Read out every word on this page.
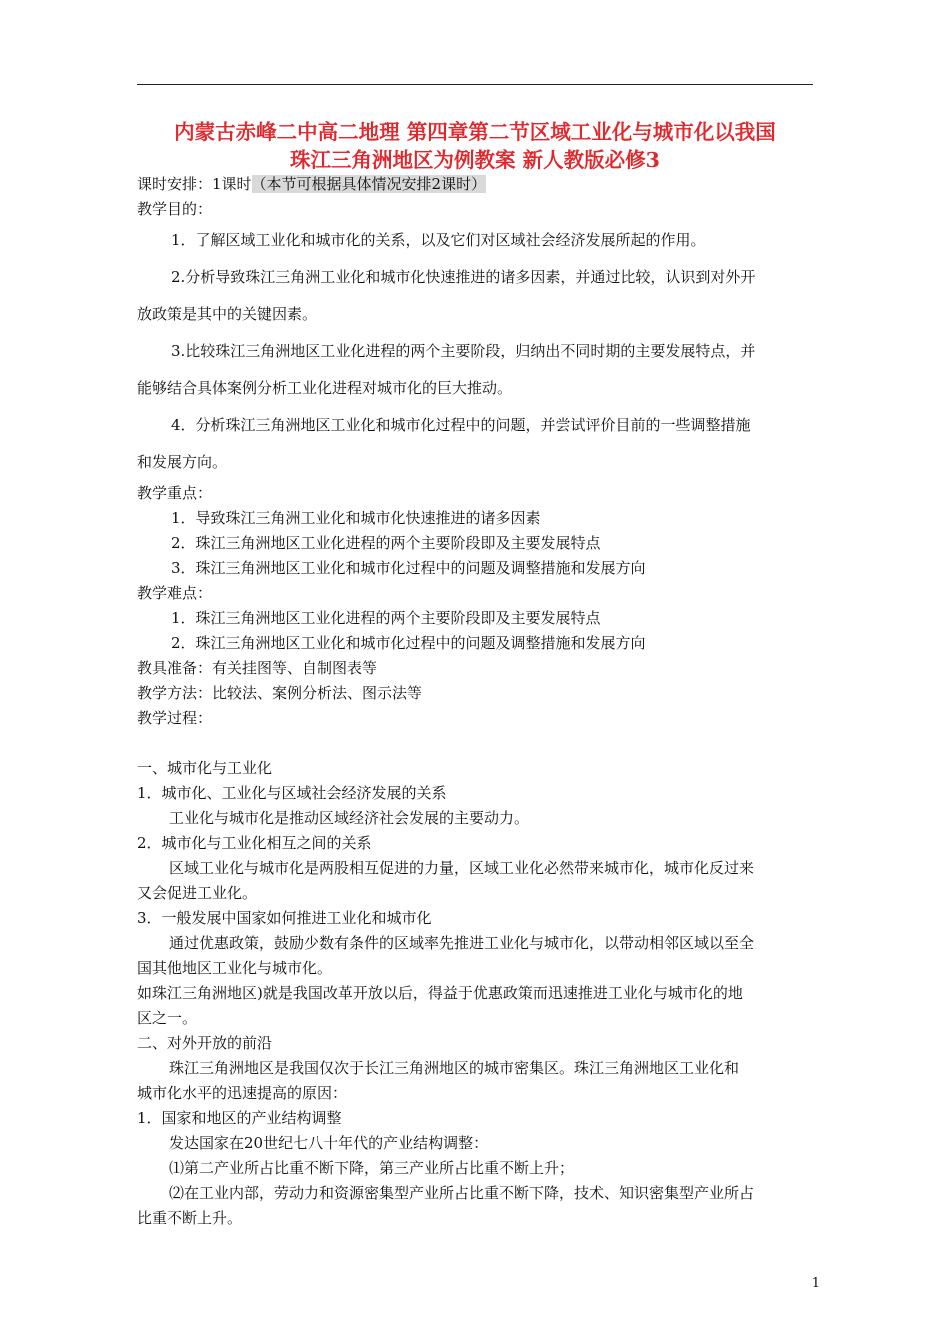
内蒙古赤峰二中高二地理 第四章第二节区域工业化与城市化以我国
珠江三角洲地区为例教案 新人教版必修3
课时安排：1课时（本节可根据具体情况安排2课时）
教学目的：
1．了解区域工业化和城市化的关系，以及它们对区域社会经济发展所起的作用。
2.分析导致珠江三角洲工业化和城市化快速推进的诸多因素，并通过比较，认识到对外开
放政策是其中的关键因素。
3.比较珠江三角洲地区工业化进程的两个主要阶段，归纳出不同时期的主要发展特点，并
能够结合具体案例分析工业化进程对城市化的巨大推动。
4．分析珠江三角洲地区工业化和城市化过程中的问题，并尝试评价目前的一些调整措施
和发展方向。
教学重点：
1．导致珠江三角洲工业化和城市化快速推进的诸多因素
2．珠江三角洲地区工业化进程的两个主要阶段即及主要发展特点
3．珠江三角洲地区工业化和城市化过程中的问题及调整措施和发展方向
教学难点：
1．珠江三角洲地区工业化进程的两个主要阶段即及主要发展特点
2．珠江三角洲地区工业化和城市化过程中的问题及调整措施和发展方向
教具准备：有关挂图等、自制图表等
教学方法：比较法、案例分析法、图示法等
教学过程：
一、城市化与工业化
1．城市化、工业化与区域社会经济发展的关系
工业化与城市化是推动区域经济社会发展的主要动力。
2．城市化与工业化相互之间的关系
区域工业化与城市化是两股相互促进的力量，区域工业化必然带来城市化，城市化反过来
又会促进工业化。
3．一般发展中国家如何推进工业化和城市化
通过优惠政策，鼓励少数有条件的区域率先推进工业化与城市化，以带动相邻区域以至全
国其他地区工业化与城市化。
如珠江三角洲地区)就是我国改革开放以后，得益于优惠政策而迅速推进工业化与城市化的地
区之一。
二、对外开放的前沿
珠江三角洲地区是我国仅次于长江三角洲地区的城市密集区。珠江三角洲地区工业化和
城市化水平的迅速提高的原因：
1．国家和地区的产业结构调整
发达国家在20世纪七八十年代的产业结构调整：
⑴第二产业所占比重不断下降，第三产业所占比重不断上升；
⑵在工业内部，劳动力和资源密集型产业所占比重不断下降，技术、知识密集型产业所占
比重不断上升。
1
